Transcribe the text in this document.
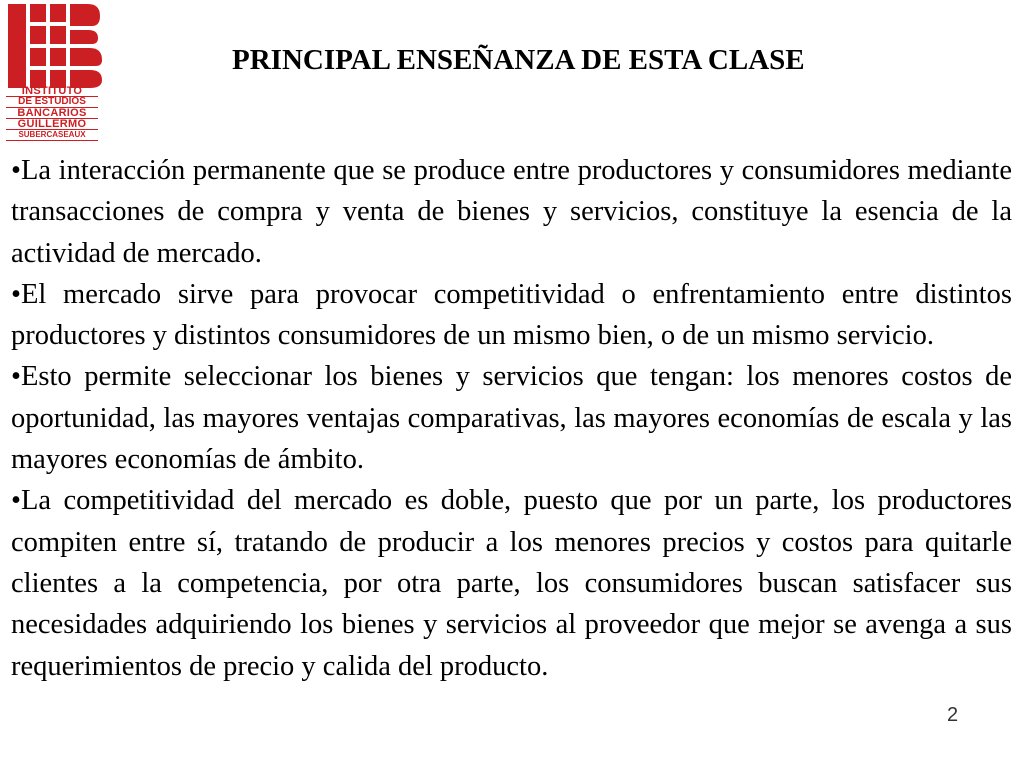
INSTITUTO
DE ESTUDIOS
BANCARIOS
GUILLERMO
SUBERCASEAUX
PRINCIPAL ENSEÑANZA DE ESTA CLASE

•La interacción permanente que se produce entre productores y consumidores mediante transacciones de compra y venta de bienes y servicios, constituye la esencia de la actividad de mercado.

•El mercado sirve para provocar competitividad o enfrentamiento entre distintos productores y distintos consumidores de un mismo bien, o de un mismo servicio.

•Esto permite seleccionar los bienes y servicios que tengan: los menores costos de oportunidad, las mayores ventajas comparativas, las mayores economías de escala y las mayores economías de ámbito.

•La competitividad del mercado es doble, puesto que por un parte, los productores compiten entre sí, tratando de producir a los menores precios y costos para quitarle clientes a la competencia, por otra parte, los consumidores buscan satisfacer sus necesidades adquiriendo los bienes y servicios al proveedor que mejor se avenga a sus requerimientos de precio y calida del producto.

2
